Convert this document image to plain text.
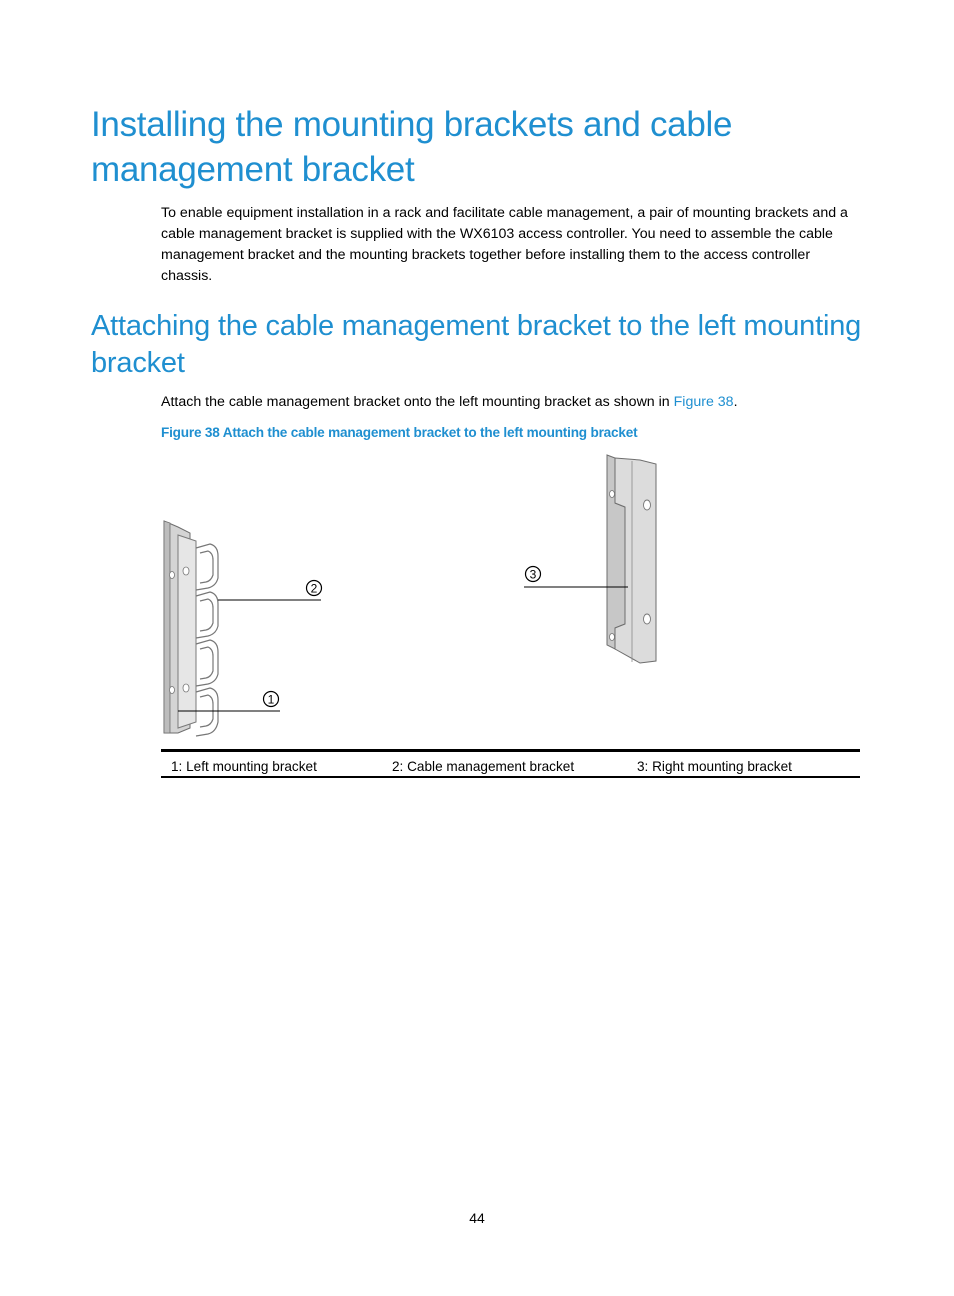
Installing the mounting brackets and cable management bracket

To enable equipment installation in a rack and facilitate cable management, a pair of mounting brackets and a cable management bracket is supplied with the WX6103 access controller. You need to assemble the cable management bracket and the mounting brackets together before installing them to the access controller chassis.

Attaching the cable management bracket to the left mounting bracket

Attach the cable management bracket onto the left mounting bracket as shown in Figure 38.

Figure 38 Attach the cable management bracket to the left mounting bracket

2
1
3
1: Left mounting bracket	2: Cable management bracket	3: Right mounting bracket
44
